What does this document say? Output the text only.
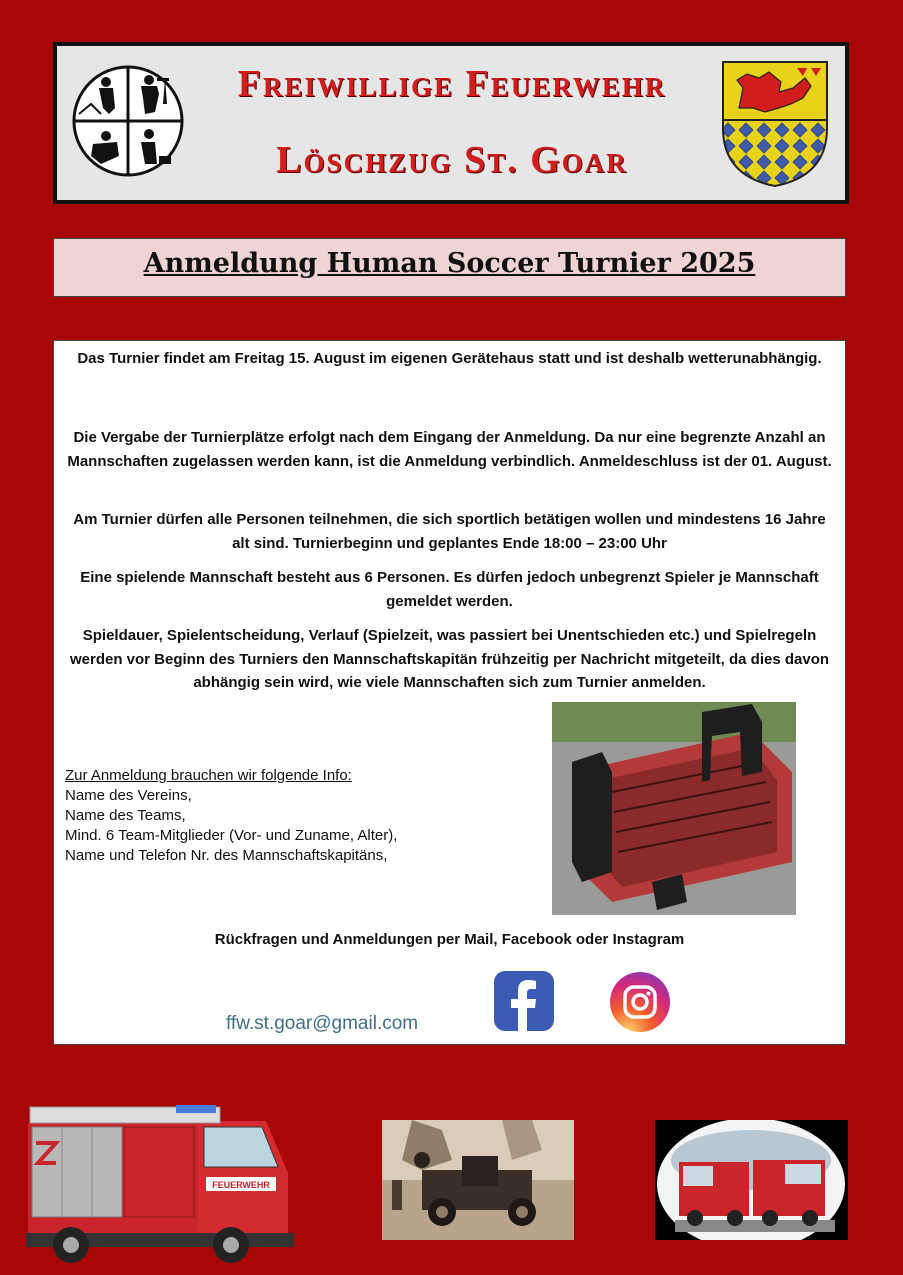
Freiwillige Feuerwehr
Löschzug St. Goar
Anmeldung Human Soccer Turnier 2025
Das Turnier findet am Freitag 15. August im eigenen Gerätehaus statt und ist deshalb wetterunabhängig.
Die Vergabe der Turnierplätze erfolgt nach dem Eingang der Anmeldung. Da nur eine begrenzte Anzahl an Mannschaften zugelassen werden kann, ist die Anmeldung verbindlich. Anmeldeschluss ist der 01. August.
Am Turnier dürfen alle Personen teilnehmen, die sich sportlich betätigen wollen und mindestens 16 Jahre alt sind. Turnierbeginn und geplantes Ende 18:00 – 23:00 Uhr
Eine spielende Mannschaft besteht aus 6 Personen. Es dürfen jedoch unbegrenzt Spieler je Mannschaft gemeldet werden.
Spieldauer, Spielentscheidung, Verlauf (Spielzeit, was passiert bei Unentschieden etc.) und Spielregeln werden vor Beginn des Turniers den Mannschaftskapitän frühzeitig per Nachricht mitgeteilt, da dies davon abhängig sein wird, wie viele Mannschaften sich zum Turnier anmelden.
Zur Anmeldung brauchen wir folgende Info:
Name des Vereins,
Name des Teams,
Mind. 6 Team-Mitglieder (Vor- und Zuname, Alter),
Name und Telefon Nr. des Mannschaftskapitäns,
Rückfragen und Anmeldungen per Mail, Facebook oder Instagram
ffw.st.goar@gmail.com
FEUERWEHR
